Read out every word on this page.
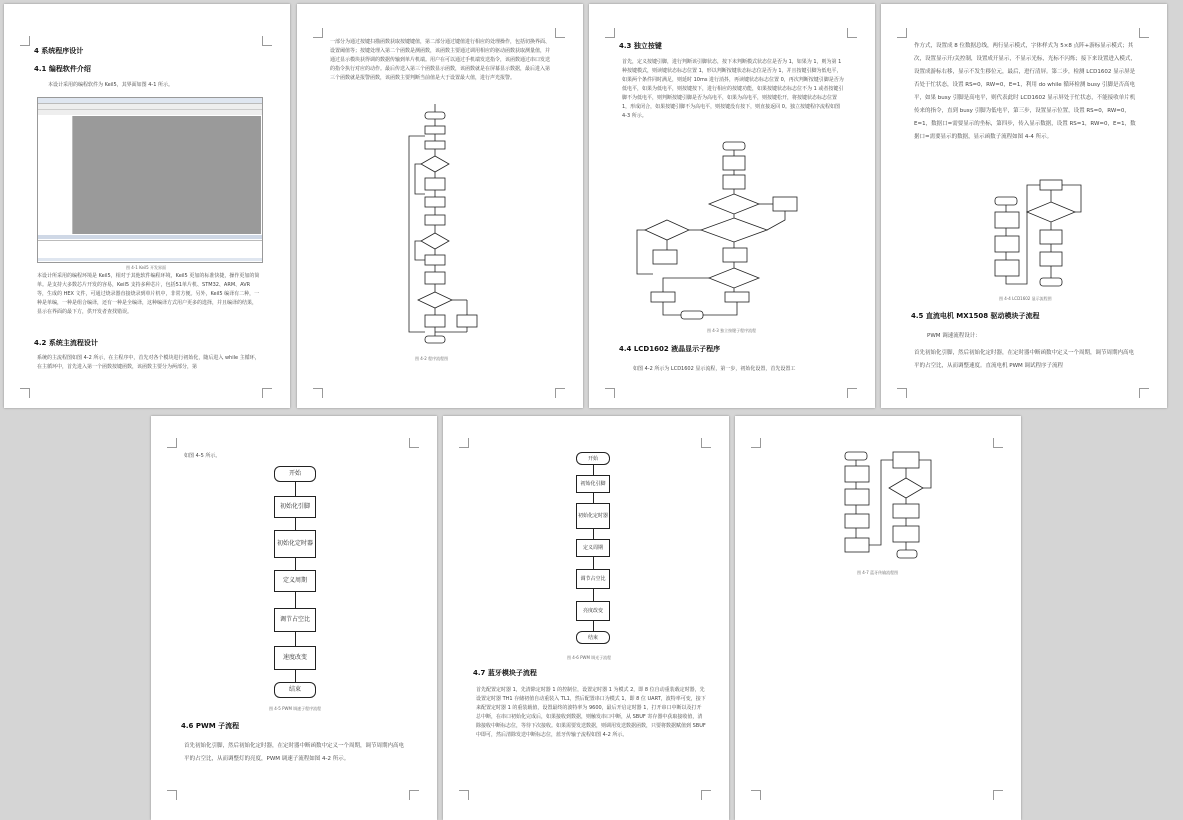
4 系统程序设计
4.1 编程软件介绍
本设计采用的编程软件为 Keil5，其界面如图 4-1 所示。
图 4-1 Keil5 开发界面
本设计所采用的编程环境是 Keil5，相对于其他软件编程环境，Keil5 更加的标准快捷，操作更加的简单。是支持大多数芯片开发的容易，Keil5 支持多种芯片，包括51单片机、STM32、ARM、AVR 等，生成的 HEX 文件，可通过烧录器直接烧录到单片机中，非常方便。另外，Keil5 编译有二种，一种是单编，一种是组合编译，还有一种是全编译，这种编译方式用户更多的选择，并且编译的结果，显示在界面的最下方，供开发者查找错误。
4.2 系统主流程设计
系统的主流程图如图 4-2 所示，在主程序中，首先对各个模块进行初始化，随后进入 while 主循环，在主循环中，首先进入第一个函数按键函数，该函数主要分为两部分，第
一部分为通过按键扫描函数获取按键键值，第二部分通过键值进行相应的处理操作，包括切换界面、设置阈值等；按键处理入第二个函数是测函数，该函数主要通过调用相应的驱动函数获取测量值，并通过显示模块获得调的数据传输到单片机端。用户在可以通过手机端发送指令，该函数通过串口发送的指令执行对应的动作。最后传送入第三个函数显示函数，该函数就是在屏幕显示数据，最后进入第三个函数就是报警函数，该函数主要判断当前值是大于设置最大值，进行声光报警。
图 4-2 程序流程图
4.3 独立按键
首先，定义按键引脚，进行判断该引脚状态，按下未判断模式状态位是否为 1，如果为 1，则为第 1 种按键模式，则读键状态标志位置 1，形以判断按键状态标志位是否为 1，并且按键引脚为低电平，如果两个条件同时满足，则延时 10ms 进行消抖，再读键状态标志位置 0，再次判断按键引脚是否为低电平，如果为低电平，则按键按下，进行相应的按键功能，如果按键状态标志位不为 1 或者按键引脚不为低电平，则判断按键引脚是否为高电平，如果为高电平，则按键松开，将按键状态标志位置 1，形成闭合，如果按键引脚不为高电平，则按键没有按下，则直接返回 0。独立按键程序流程如图 4-3 所示。
图 4-3 独立按键子程序流程
4.4 LCD1602 液晶显示子程序
如图 4-2 所示为 LCD1602 显示流程，第一步，初始化设置，首先设置工
作方式，设置成 8 位数据总线，两行显示模式，字体样式为 5×8 点阵+游标显示模式；其次，设置显示开/关控制，设置成开显示，不显示光标，光标不闪烁；接下来设置进入模式，设置成游标右移，显示不发生移位元，最后，进行清屏。第二步，检测 LCD1602 显示屏是否处于忙状态，设置 RS=0，RW=0，E=1，利用 do while 循环检测 busy 引脚是否高电平，如果 busy 引脚是高电平，则代表此时 LCD1602 显示屏处于忙状态，不能接收单片机传来的指令，直到 busy 引脚为低电平，第三步，设置显示位置，设置 RS=0，RW=0，E=1，数据口=需要显示的坐标，第四步，传入显示数据，设置 RS=1，RW=0，E=1，数据口=需要显示的数据，显示函数子流程如图 4-4 所示。
图 4-4 LCD1602 显示流程图
4.5 直流电机 MX1508 驱动模块子流程
PWM 调速流程设计：
首先初始化引脚，然后初始化定时器，在定时器中断函数中定义一个周期，调节周期内高电平的占空比，从而调整速度。直流电机 PWM 调试程序子流程
如图 4-5 所示。
开始
初始化引脚
初始化定时器
定义周期
调节占空比
速度改变
结束
图 4-5 PWM 调速子程序流程
4.6 PWM 子流程
首先初始化引脚，然后初始化定时器，在定时器中断函数中定义一个周期，调节周期内高电平的占空比，从而调整灯的亮度，PWM 调速子流程如图 4-2 所示。
开始
初始化引脚
初始化定时器
定义周期
调节占空比
亮度改变
结束
图 4-6 PWM 调光子流程
4.7 蓝牙模块子流程
首先配置定时器 1，先清除定时器 1 的控制位，设置定时器 1 为模式 2，即 8 位自动重装载定时器，先设置定时器 TH1 存储初值自动重装入 TL1，然后配置串口为模式 1，即 8 位 UART，波特率可变，接下来配置定时器 1 的重装载值，设置最终的波特率为 9600，最后开启定时器 1，打开串口中断以及打开总中断，在串口初始化完成后，如果接收到数据，则触发串口中断，从 SBUF 寄存器中获取接收值，清除接收中断标志位，等待下次接收。如果需要发送数据，则调用发送数据函数，只要将数据赋值到 SBUF 中即可，然后清除发送中断标志位，蓝牙传输子流程如图 4-2 所示。
图 4-7 蓝牙传输流程图
